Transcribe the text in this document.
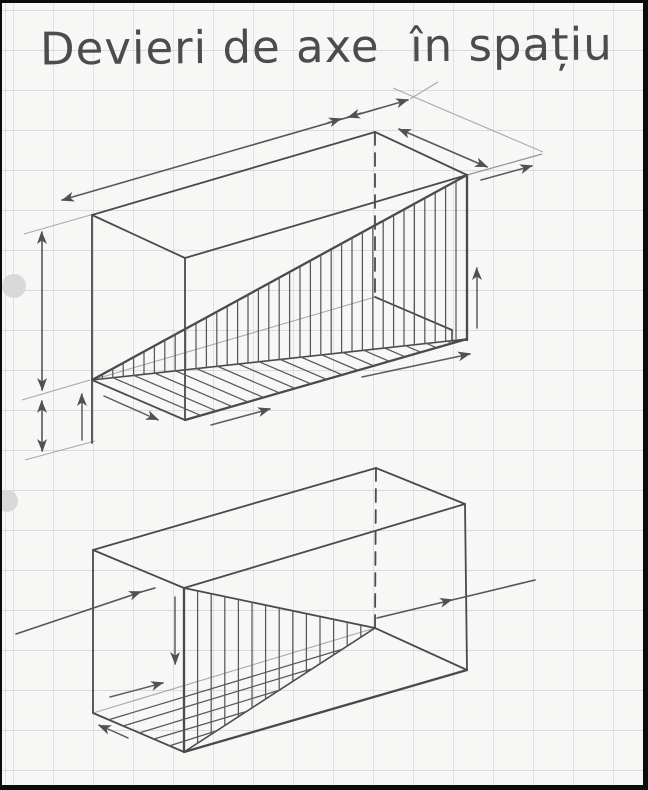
Devieri de axe  în spațiu
